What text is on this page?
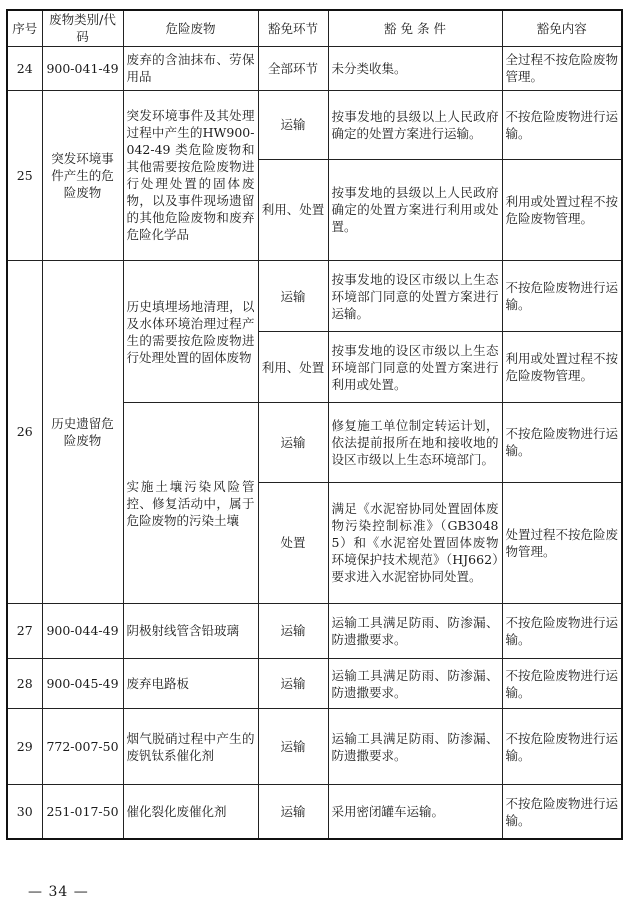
序号	废物类别/代码	危险废物	豁免环节	豁 免 条 件	豁免内容
24	900-041-49	废弃的含油抹布、劳保用品	全部环节	未分类收集。	全过程不按危险废物管理。
25	突发环境事件产生的危险废物	突发环境事件及其处理过程中产生的HW900-042-49 类危险废物和其他需要按危险废物进行处理处置的固体废物，以及事件现场遗留的其他危险废物和废弃危险化学品	运输	按事发地的县级以上人民政府确定的处置方案进行运输。	不按危险废物进行运输。
			利用、处置	按事发地的县级以上人民政府确定的处置方案进行利用或处置。	利用或处置过程不按危险废物管理。
26	历史遗留危险废物	历史填埋场地清理，以及水体环境治理过程产生的需要按危险废物进行处理处置的固体废物	运输	按事发地的设区市级以上生态环境部门同意的处置方案进行运输。	不按危险废物进行运输。
			利用、处置	按事发地的设区市级以上生态环境部门同意的处置方案进行利用或处置。	利用或处置过程不按危险废物管理。
		实施土壤污染风险管控、修复活动中，属于危险废物的污染土壤	运输	修复施工单位制定转运计划，依法提前报所在地和接收地的设区市级以上生态环境部门。	不按危险废物进行运输。
			处置	满足《水泥窑协同处置固体废物污染控制标准》（GB30485）和《水泥窑处置固体废物环境保护技术规范》（HJ662）要求进入水泥窑协同处置。	处置过程不按危险废物管理。
27	900-044-49	阴极射线管含铅玻璃	运输	运输工具满足防雨、防渗漏、防遗撒要求。	不按危险废物进行运输。
28	900-045-49	废弃电路板	运输	运输工具满足防雨、防渗漏、防遗撒要求。	不按危险废物进行运输。
29	772-007-50	烟气脱硝过程中产生的废钒钛系催化剂	运输	运输工具满足防雨、防渗漏、防遗撒要求。	不按危险废物进行运输。
30	251-017-50	催化裂化废催化剂	运输	采用密闭罐车运输。	不按危险废物进行运输。
— 34 —
